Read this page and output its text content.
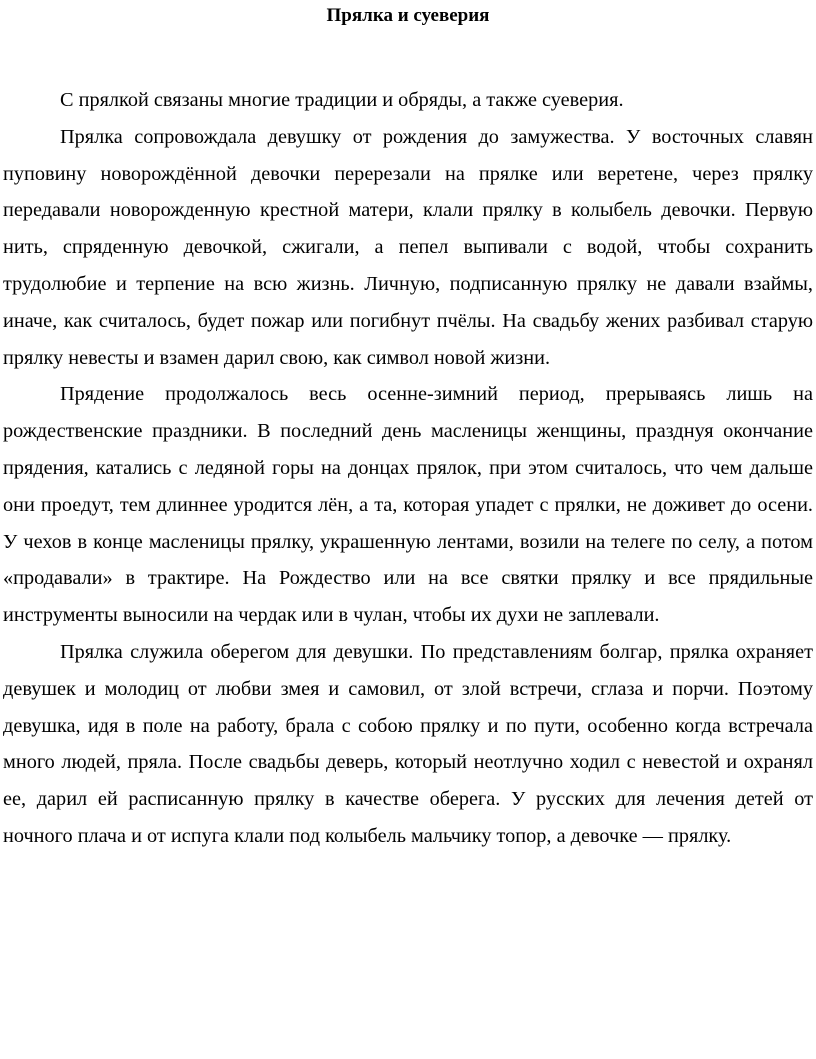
Прялка и суеверия

С прялкой связаны многие традиции и обряды, а также суеверия.

Прялка сопровождала девушку от рождения до замужества. У восточных славян пуповину новорождённой девочки перерезали на прялке или веретене, через прялку передавали новорожденную крестной матери, клали прялку в колыбель девочки. Первую нить, спряденную девочкой, сжигали, а пепел выпивали с водой, чтобы сохранить трудолюбие и терпение на всю жизнь. Личную, подписанную прялку не давали взаймы, иначе, как считалось, будет пожар или погибнут пчёлы. На свадьбу жених разбивал старую прялку невесты и взамен дарил свою, как символ новой жизни.

Прядение продолжалось весь осенне-зимний период, прерываясь лишь на рождественские праздники. В последний день масленицы женщины, празднуя окончание прядения, катались с ледяной горы на донцах прялок, при этом считалось, что чем дальше они проедут, тем длиннее уродится лён, а та, которая упадет с прялки, не доживет до осени. У чехов в конце масленицы прялку, украшенную лентами, возили на телеге по селу, а потом «продавали» в трактире. На Рождество или на все святки прялку и все прядильные инструменты выносили на чердак или в чулан, чтобы их духи не заплевали.

Прялка служила оберегом для девушки. По представлениям болгар, прялка охраняет девушек и молодиц от любви змея и самовил, от злой встречи, сглаза и порчи. Поэтому девушка, идя в поле на работу, брала с собою прялку и по пути, особенно когда встречала много людей, пряла. После свадьбы деверь, который неотлучно ходил с невестой и охранял ее, дарил ей расписанную прялку в качестве оберега. У русских для лечения детей от ночного плача и от испуга клали под колыбель мальчику топор, а девочке — прялку.
